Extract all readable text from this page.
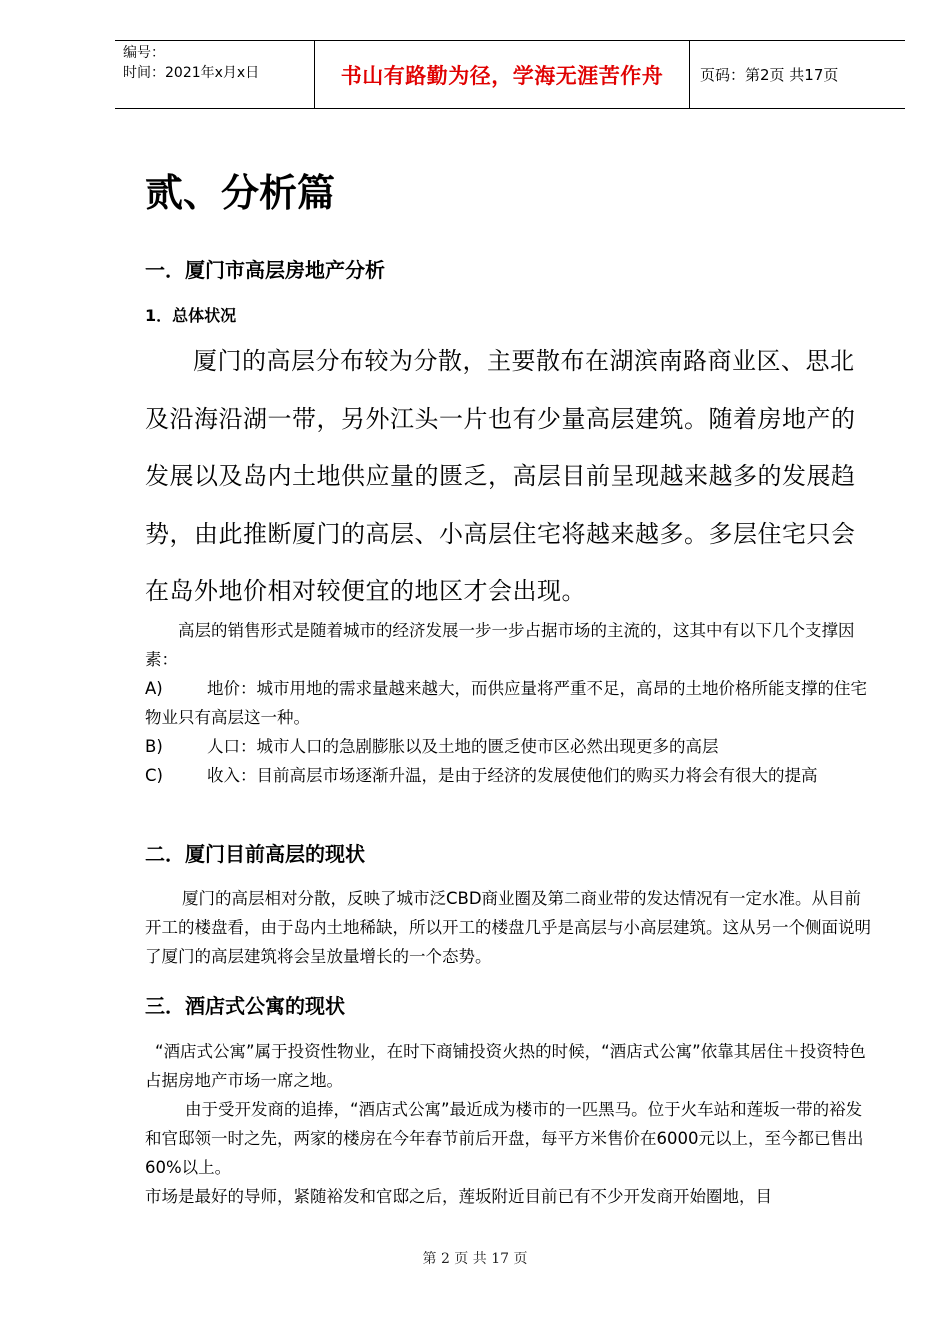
编号：
时间：2021年x月x日	书山有路勤为径，学海无涯苦作舟	页码：第2页 共17页
贰、分析篇
一．厦门市高层房地产分析
1．总体状况

厦门的高层分布较为分散，主要散布在湖滨南路商业区、思北及沿海沿湖一带，另外江头一片也有少量高层建筑。随着房地产的发展以及岛内土地供应量的匮乏，高层目前呈现越来越多的发展趋势，由此推断厦门的高层、小高层住宅将越来越多。多层住宅只会在岛外地价相对较便宜的地区才会出现。

高层的销售形式是随着城市的经济发展一步一步占据市场的主流的，这其中有以下几个支撑因素：

A)	地价：城市用地的需求量越来越大，而供应量将严重不足，高昂的土地价格所能支撑的住宅物业只有高层这一种。

B)	人口：城市人口的急剧膨胀以及土地的匮乏使市区必然出现更多的高层

C)	收入：目前高层市场逐渐升温，是由于经济的发展使他们的购买力将会有很大的提高

二．厦门目前高层的现状

厦门的高层相对分散，反映了城市泛CBD商业圈及第二商业带的发达情况有一定水准。从目前开工的楼盘看，由于岛内土地稀缺，所以开工的楼盘几乎是高层与小高层建筑。这从另一个侧面说明了厦门的高层建筑将会呈放量增长的一个态势。

三．酒店式公寓的现状

“酒店式公寓”属于投资性物业，在时下商铺投资火热的时候，“酒店式公寓”依靠其居住＋投资特色占据房地产市场一席之地。

由于受开发商的追捧，“酒店式公寓”最近成为楼市的一匹黑马。位于火车站和莲坂一带的裕发和官邸领一时之先，两家的楼房在今年春节前后开盘，每平方米售价在6000元以上，至今都已售出60%以上。

市场是最好的导师，紧随裕发和官邸之后，莲坂附近目前已有不少开发商开始圈地，目

第 2 页 共 17 页
